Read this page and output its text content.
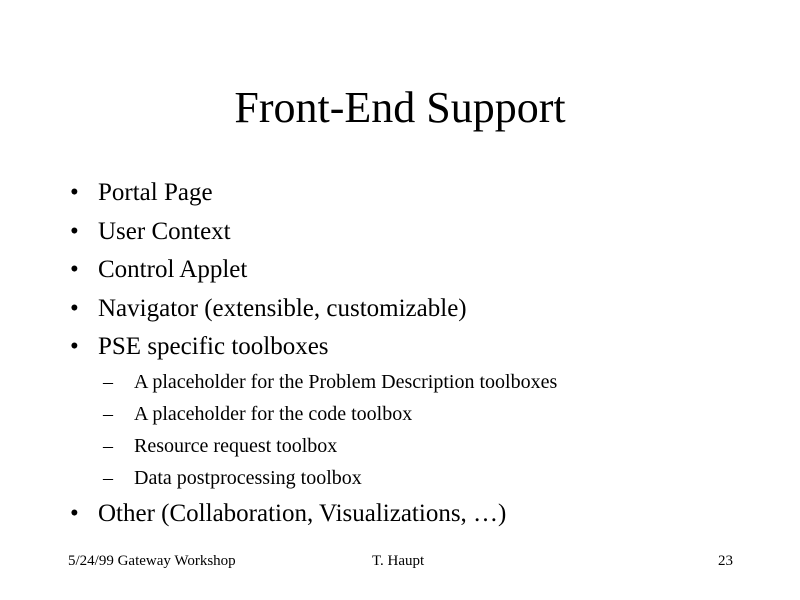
Front-End Support
• Portal Page
• User Context
• Control Applet
• Navigator (extensible, customizable)
• PSE specific toolboxes
– A placeholder for the Problem Description toolboxes
– A placeholder for the code toolbox
– Resource request toolbox
– Data postprocessing toolbox
• Other (Collaboration, Visualizations, …)
5/24/99 Gateway Workshop	T. Haupt	23
